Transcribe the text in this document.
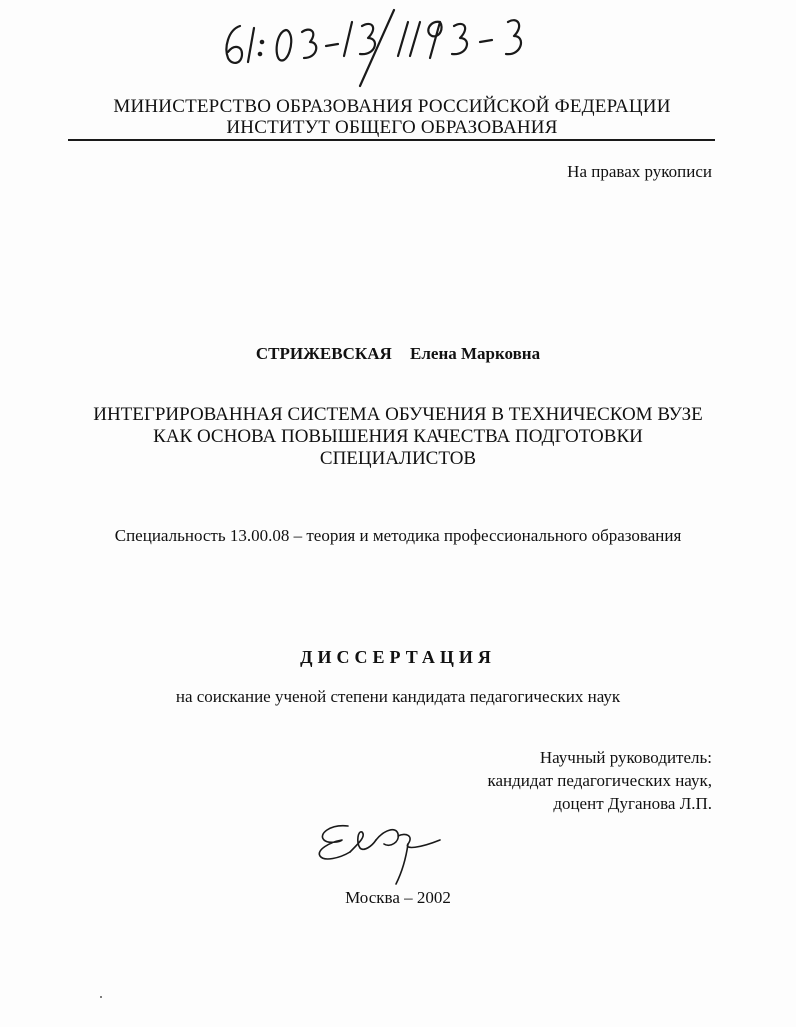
МИНИСТЕРСТВО ОБРАЗОВАНИЯ РОССИЙСКОЙ ФЕДЕРАЦИИ
ИНСТИТУТ ОБЩЕГО ОБРАЗОВАНИЯ
На правах рукописи
СТРИЖЕВСКАЯ Елена Марковна
ИНТЕГРИРОВАННАЯ СИСТЕМА ОБУЧЕНИЯ В ТЕХНИЧЕСКОМ ВУЗЕ
КАК ОСНОВА ПОВЫШЕНИЯ КАЧЕСТВА ПОДГОТОВКИ
СПЕЦИАЛИСТОВ
Специальность 13.00.08 – теория и методика профессионального образования
ДИССЕРТАЦИЯ
на соискание ученой степени кандидата педагогических наук
Научный руководитель:
кандидат педагогических наук,
доцент Дуганова Л.П.
Москва – 2002
